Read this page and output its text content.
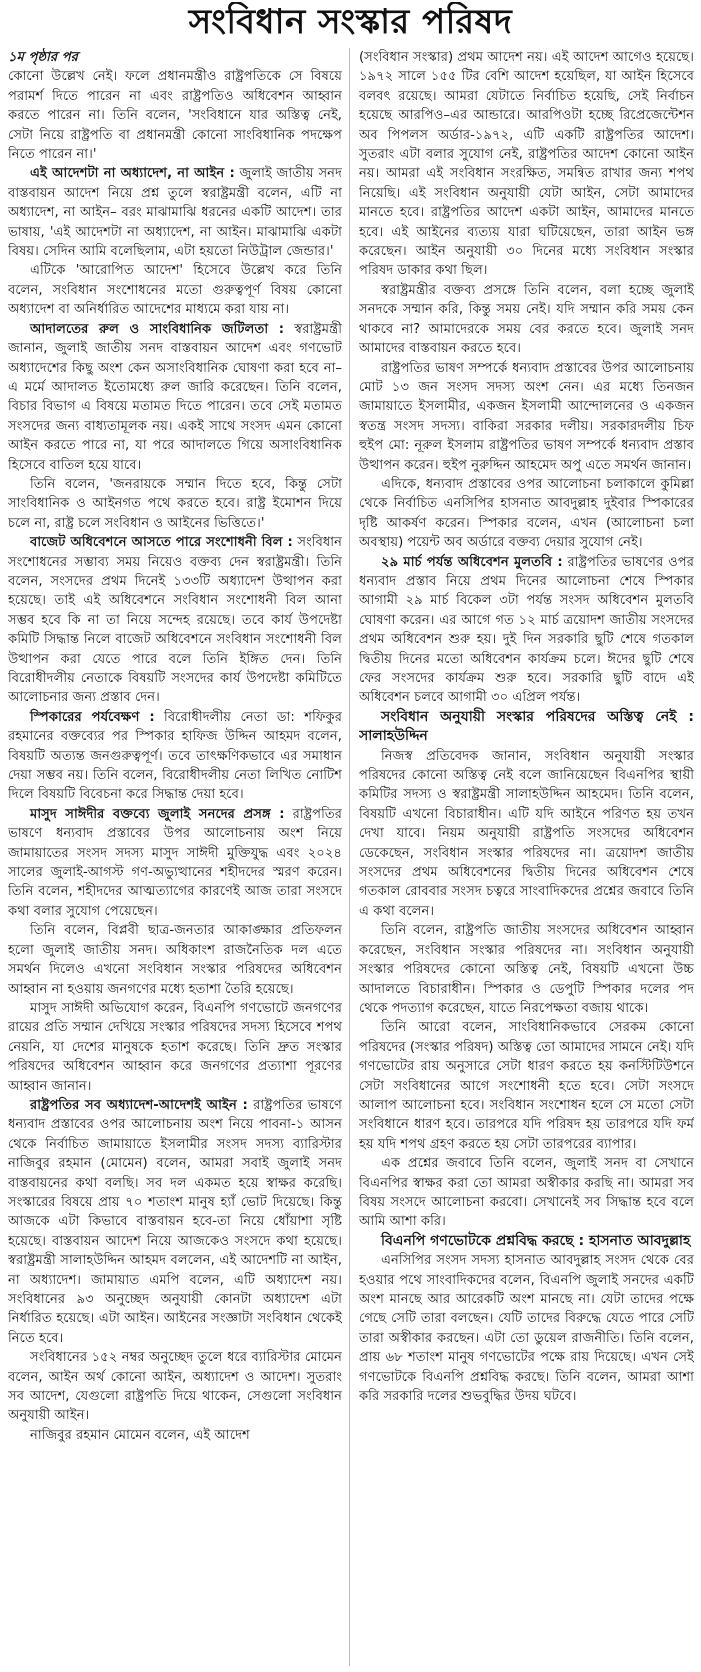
সংবিধান সংস্কার পরিষদ

১ম পৃষ্ঠার পর

কোনো উল্লেখ নেই। ফলে প্রধানমন্ত্রীও রাষ্ট্রপতিকে সে বিষয়ে পরামর্শ দিতে পারেন না এবং রাষ্ট্রপতিও অধিবেশন আহ্বান করতে পারেন না। তিনি বলেন, 'সংবিধানে যার অস্তিত্ব নেই, সেটা নিয়ে রাষ্ট্রপতি বা প্রধানমন্ত্রী কোনো সাংবিধানিক পদক্ষেপ নিতে পারেন না।'

এই আদেশটা না অধ্যাদেশ, না আইন : জুলাই জাতীয় সনদ বাস্তবায়ন আদেশ নিয়ে প্রশ্ন তুলে স্বরাষ্ট্রমন্ত্রী বলেন, এটি না অধ্যাদেশ, না আইন– বরং মাঝামাঝি ধরনের একটি আদেশ। তার ভাষায়, 'এই আদেশটা না অধ্যাদেশ, না আইন। মাঝামাঝি একটা বিষয়। সেদিন আমি বলেছিলাম, এটা হয়তো নিউট্রাল জেন্ডার।'

এটিকে 'আরোপিত আদেশ' হিসেবে উল্লেখ করে তিনি বলেন, সংবিধান সংশোধনের মতো গুরুত্বপূর্ণ বিষয় কোনো অধ্যাদেশ বা অনির্ধারিত আদেশের মাধ্যমে করা যায় না।

আদালতের রুল ও সাংবিধানিক জটিলতা : স্বরাষ্ট্রমন্ত্রী জানান, জুলাই জাতীয় সনদ বাস্তবায়ন আদেশ এবং গণভোট অধ্যাদেশের কিছু অংশ কেন অসাংবিধানিক ঘোষণা করা হবে না– এ মর্মে আদালত ইতোমধ্যে রুল জারি করেছেন। তিনি বলেন, বিচার বিভাগ এ বিষয়ে মতামত দিতে পারেন। তবে সেই মতামত সংসদের জন্য বাধ্যতামূলক নয়। একই সাথে সংসদ এমন কোনো আইন করতে পারে না, যা পরে আদালতে গিয়ে অসাংবিধানিক হিসেবে বাতিল হয়ে যাবে।

তিনি বলেন, 'জনরায়কে সম্মান দিতে হবে, কিন্তু সেটা সাংবিধানিক ও আইনগত পথে করতে হবে। রাষ্ট্র ইমোশন দিয়ে চলে না, রাষ্ট্র চলে সংবিধান ও আইনের ভিত্তিতে।'

বাজেট অধিবেশনে আসতে পারে সংশোধনী বিল : সংবিধান সংশোধনের সম্ভাব্য সময় নিয়েও বক্তব্য দেন স্বরাষ্ট্রমন্ত্রী। তিনি বলেন, সংসদের প্রথম দিনেই ১৩৩টি অধ্যাদেশ উত্থাপন করা হয়েছে। তাই এই অধিবেশনে সংবিধান সংশোধনী বিল আনা সম্ভব হবে কি না তা নিয়ে সন্দেহ রয়েছে। তবে কার্য উপদেষ্টা কমিটি সিদ্ধান্ত নিলে বাজেট অধিবেশনে সংবিধান সংশোধনী বিল উত্থাপন করা যেতে পারে বলে তিনি ইঙ্গিত দেন। তিনি বিরোধীদলীয় নেতাকে বিষয়টি সংসদের কার্য উপদেষ্টা কমিটিতে আলোচনার জন্য প্রস্তাব দেন।

স্পিকারের পর্যবেক্ষণ : বিরোধীদলীয় নেতা ডা: শফিকুর রহমানের বক্তব্যের পর স্পিকার হাফিজ উদ্দিন আহমদ বলেন, বিষয়টি অত্যন্ত জনগুরুত্বপূর্ণ। তবে তাৎক্ষণিকভাবে এর সমাধান দেয়া সম্ভব নয়। তিনি বলেন, বিরোধীদলীয় নেতা লিখিত নোটিশ দিলে বিষয়টি বিবেচনা করে সিদ্ধান্ত দেয়া হবে।

মাসুদ সাঈদীর বক্তব্যে জুলাই সনদের প্রসঙ্গ : রাষ্ট্রপতির ভাষণে ধন্যবাদ প্রস্তাবের উপর আলোচনায় অংশ নিয়ে জামায়াতের সংসদ সদস্য মাসুদ সাঈদী মুক্তিযুদ্ধ এবং ২০২৪ সালের জুলাই-আগস্ট গণ-অভ্যুত্থানের শহীদদের স্মরণ করেন। তিনি বলেন, শহীদদের আত্মত্যাগের কারণেই আজ তারা সংসদে কথা বলার সুযোগ পেয়েছেন।

তিনি বলেন, বিপ্লবী ছাত্র-জনতার আকাঙ্ক্ষার প্রতিফলন হলো জুলাই জাতীয় সনদ। অধিকাংশ রাজনৈতিক দল এতে সমর্থন দিলেও এখনো সংবিধান সংস্কার পরিষদের অধিবেশন আহ্বান না হওয়ায় জনগণের মধ্যে হতাশা তৈরি হয়েছে।

মাসুদ সাঈদী অভিযোগ করেন, বিএনপি গণভোটে জনগণের রায়ের প্রতি সম্মান দেখিয়ে সংস্কার পরিষদের সদস্য হিসেবে শপথ নেয়নি, যা দেশের মানুষকে হতাশ করেছে। তিনি দ্রুত সংস্কার পরিষদের অধিবেশন আহ্বান করে জনগণের প্রত্যাশা পূরণের আহ্বান জানান।

রাষ্ট্রপতির সব অধ্যাদেশ-আদেশই আইন : রাষ্ট্রপতির ভাষণে ধন্যবাদ প্রস্তাবের ওপর আলোচনায় অংশ নিয়ে পাবনা-১ আসন থেকে নির্বাচিত জামায়াতে ইসলামীর সংসদ সদস্য ব্যারিস্টার নাজিবুর রহমান (মোমেন) বলেন, আমরা সবাই জুলাই সনদ বাস্তবায়নের কথা বলছি। সব দল একমত হয়ে স্বাক্ষর করেছি। সংস্কারের বিষয়ে প্রায় ৭০ শতাংশ মানুষ হ্যাঁ ভোট দিয়েছে। কিন্তু আজকে এটা কিভাবে বাস্তবায়ন হবে-তা নিয়ে ধোঁয়াশা সৃষ্টি হয়েছে। বাস্তবায়ন আদেশ নিয়ে আজকেও সংসদে কথা হয়েছে। স্বরাষ্ট্রমন্ত্রী সালাহউদ্দিন আহমদ বললেন, এই আদেশটি না আইন, না অধ্যাদেশ। জামায়াত এমপি বলেন, এটি অধ্যাদেশ নয়। সংবিধানের ৯৩ অনুচ্ছেদ অনুযায়ী কোনটা অধ্যাদেশ এটা নির্ধারিত হয়েছে। এটা আইন। আইনের সংজ্ঞাটা সংবিধান থেকেই নিতে হবে।

সংবিধানের ১৫২ নম্বর অনুচ্ছেদ তুলে ধরে ব্যারিস্টার মোমেন বলেন, আইন অর্থ কোনো আইন, অধ্যাদেশ ও আদেশ। সুতরাং সব আদেশ, যেগুলো রাষ্ট্রপতি দিয়ে থাকেন, সেগুলো সংবিধান অনুযায়ী আইন।

নাজিবুর রহমান মোমেন বলেন, এই আদেশ

(সংবিধান সংস্কার) প্রথম আদেশ নয়। এই আদেশ আগেও হয়েছে। ১৯৭২ সালে ১৫৫ টির বেশি আদেশ হয়েছিল, যা আইন হিসেবে বলবৎ রয়েছে। আমরা যেটাতে নির্বাচিত হয়েছি, সেই নির্বাচন হয়েছে আরপিও–এর আন্ডারে। আরপিওটা হচ্ছে রিপ্রেজেন্টেশন অব পিপলস অর্ডার-১৯৭২, এটি একটি রাষ্ট্রপতির আদেশ। সুতরাং এটা বলার সুযোগ নেই, রাষ্ট্রপতির আদেশ কোনো আইন নয়। আমরা এই সংবিধান সংরক্ষিত, সমন্বিত রাখার জন্য শপথ নিয়েছি। এই সংবিধান অনুযায়ী যেটা আইন, সেটা আমাদের মানতে হবে। রাষ্ট্রপতির আদেশ একটা আইন, আমাদের মানতে হবে। এই আইনের ব্যত্যয় যারা ঘটিয়েছেন, তারা আইন ভঙ্গ করেছেন। আইন অনুযায়ী ৩০ দিনের মধ্যে সংবিধান সংস্কার পরিষদ ডাকার কথা ছিল।

স্বরাষ্ট্রমন্ত্রীর বক্তব্য প্রসঙ্গে তিনি বলেন, বলা হচ্ছে জুলাই সনদকে সম্মান করি, কিন্তু সময় নেই। যদি সম্মান করি সময় কেন থাকবে না? আমাদেরকে সময় বের করতে হবে। জুলাই সনদ আমাদের বাস্তবায়ন করতে হবে।

রাষ্ট্রপতির ভাষণ সম্পর্কে ধন্যবাদ প্রস্তাবের উপর আলোচনায় মোট ১৩ জন সংসদ সদস্য অংশ নেন। এর মধ্যে তিনজন জামায়াতে ইসলামীর, একজন ইসলামী আন্দোলনের ও একজন স্বতন্ত্র সংসদ সদস্য। বাকিরা সরকার দলীয়। সরকারদলীয় চিফ হুইপ মো: নূরুল ইসলাম রাষ্ট্রপতির ভাষণ সম্পর্কে ধন্যবাদ প্রস্তাব উত্থাপন করেন। হুইপ নুরুদ্দিন আহমেদ অপু এতে সমর্থন জানান।

এদিকে, ধন্যবাদ প্রস্তাবের ওপর আলোচনা চলাকালে কুমিল্লা থেকে নির্বাচিত এনসিপির হাসনাত আবদুল্লাহ দুইবার স্পিকারের দৃষ্টি আকর্ষণ করেন। স্পিকার বলেন, এখন (আলোচনা চলা অবস্থায়) পয়েন্ট অব অর্ডারে বক্তব্য দেয়ার সুযোগ নেই।

২৯ মার্চ পর্যন্ত অধিবেশন মুলতবি : রাষ্ট্রপতির ভাষণের ওপর ধন্যবাদ প্রস্তাব নিয়ে প্রথম দিনের আলোচনা শেষে স্পিকার আগামী ২৯ মার্চ বিকেল ৩টা পর্যন্ত সংসদ অধিবেশন মুলতবি ঘোষণা করেন। এর আগে গত ১২ মার্চ ত্রয়োদশ জাতীয় সংসদের প্রথম অধিবেশন শুরু হয়। দুই দিন সরকারি ছুটি শেষে গতকাল দ্বিতীয় দিনের মতো অধিবেশন কার্যক্রম চলে। ঈদের ছুটি শেষে ফের সংসদের কার্যক্রম শুরু হবে। সরকারি ছুটি বাদে এই অধিবেশন চলবে আগামী ৩০ এপ্রিল পর্যন্ত।

সংবিধান অনুযায়ী সংস্কার পরিষদের অস্তিত্ব নেই : সালাহউদ্দিন

নিজস্ব প্রতিবেদক জানান, সংবিধান অনুযায়ী সংস্কার পরিষদের কোনো অস্তিত্ব নেই বলে জানিয়েছেন বিএনপির স্থায়ী কমিটির সদস্য ও স্বরাষ্ট্রমন্ত্রী সালাহউদ্দিন আহমেদ। তিনি বলেন, বিষয়টি এখনো বিচারাধীন। এটি যদি আইনে পরিণত হয় তখন দেখা যাবে। নিয়ম অনুযায়ী রাষ্ট্রপতি সংসদের অধিবেশন ডেকেছেন, সংবিধান সংস্কার পরিষদের না। ত্রয়োদশ জাতীয় সংসদের প্রথম অধিবেশনের দ্বিতীয় দিনের অধিবেশন শেষে গতকাল রোববার সংসদ চত্বরে সাংবাদিকদের প্রশ্নের জবাবে তিনি এ কথা বলেন।

তিনি বলেন, রাষ্ট্রপতি জাতীয় সংসদের অধিবেশন আহ্বান করেছেন, সংবিধান সংস্কার পরিষদের না। সংবিধান অনুযায়ী সংস্কার পরিষদের কোনো অস্তিত্ব নেই, বিষয়টি এখনো উচ্চ আদালতে বিচারাধীন। স্পিকার ও ডেপুটি স্পিকার দলের পদ থেকে পদত্যাগ করেছেন, যাতে নিরপেক্ষতা বজায় থাকে।

তিনি আরো বলেন, সাংবিধানিকভাবে সেরকম কোনো পরিষদের (সংস্কার পরিষদ) অস্তিত্ব তো আমাদের সামনে নেই। যদি গণভোটের রায় অনুসারে সেটা ধারণ করতে হয় কনস্টিটিউশনে সেটা সংবিধানের আগে সংশোধনী হতে হবে। সেটা সংসদে আলাপ আলোচনা হবে। সংবিধান সংশোধন হলে সে মতো সেটা সংবিধানে ধারণ হবে। তারপরে যদি পরিষদ হয় তারপরে যদি ফর্ম হয় যদি শপথ গ্রহণ করতে হয় সেটা তারপরের ব্যাপার।

এক প্রশ্নের জবাবে তিনি বলেন, জুলাই সনদ বা সেখানে বিএনপির স্বাক্ষর করা তো আমরা অস্বীকার করছি না। আমরা সব বিষয় সংসদে আলোচনা করবো। সেখানেই সব সিদ্ধান্ত হবে বলে আমি আশা করি।

বিএনপি গণভোটকে প্রশ্নবিদ্ধ করছে : হাসনাত আবদুল্লাহ

এনসিপির সংসদ সদস্য হাসনাত আবদুল্লাহ সংসদ থেকে বের হওয়ার পথে সাংবাদিকদের বলেন, বিএনপি জুলাই সনদের একটি অংশ মানছে আর আরেকটি অংশ মানছে না। যেটা তাদের পক্ষে গেছে সেটি তারা বলছেন। যেটি তাদের বিরুদ্ধে যেতে পারে সেটি তারা অস্বীকার করছেন। এটা তো ডুয়েল রাজনীতি। তিনি বলেন, প্রায় ৬৮ শতাংশ মানুষ গণভোটের পক্ষে রায় দিয়েছে। এখন সেই গণভোটকে বিএনপি প্রশ্নবিদ্ধ করছে। তিনি বলেন, আমরা আশা করি সরকারি দলের শুভবুদ্ধির উদয় ঘটবে।
